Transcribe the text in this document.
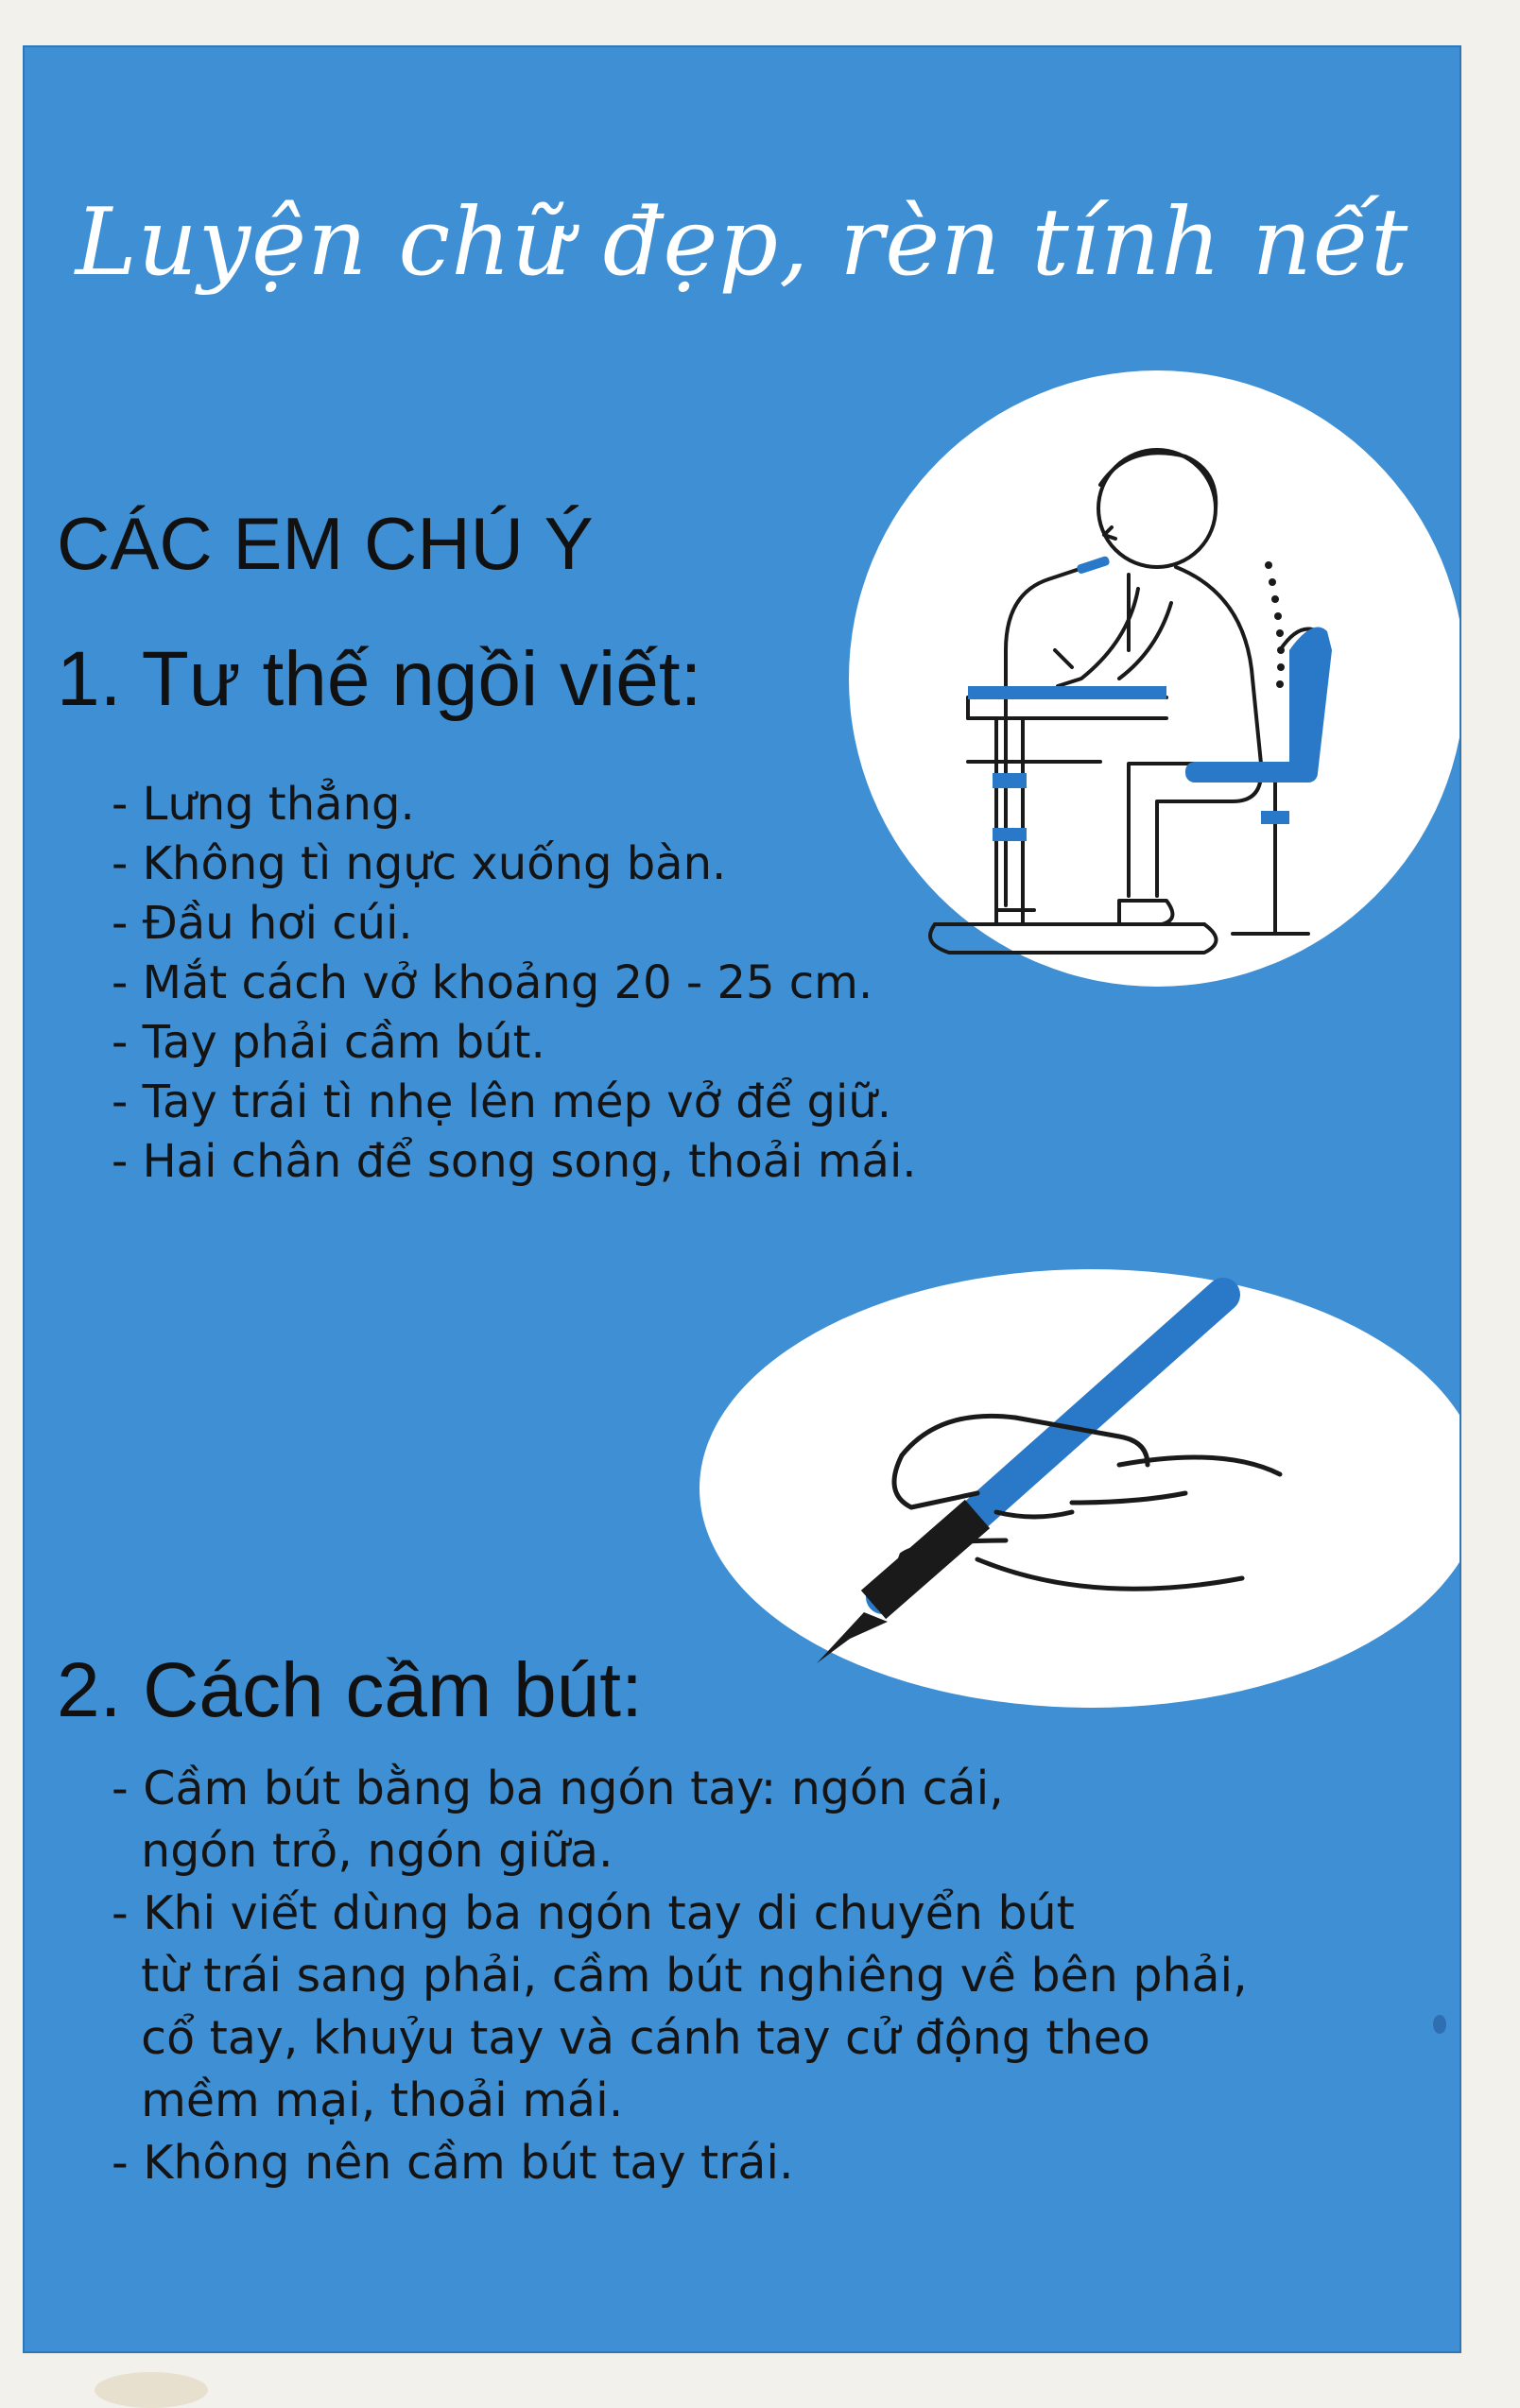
Luyện chữ đẹp, rèn tính nết
CÁC EM CHÚ Ý
1. Tư thế ngồi viết:
- Lưng thẳng.
- Không tì ngực xuống bàn.
- Đầu hơi cúi.
- Mắt cách vở khoảng 20 - 25 cm.
- Tay phải cầm bút.
- Tay trái tì nhẹ lên mép vở để giữ.
- Hai chân để song song, thoải mái.
2. Cách cầm bút:
- Cầm bút bằng ba ngón tay: ngón cái,
ngón trỏ, ngón giữa.
- Khi viết dùng ba ngón tay di chuyển bút
từ trái sang phải, cầm bút nghiêng về bên phải,
cổ tay, khuỷu tay và cánh tay cử động theo
mềm mại, thoải mái.
- Không nên cầm bút tay trái.
